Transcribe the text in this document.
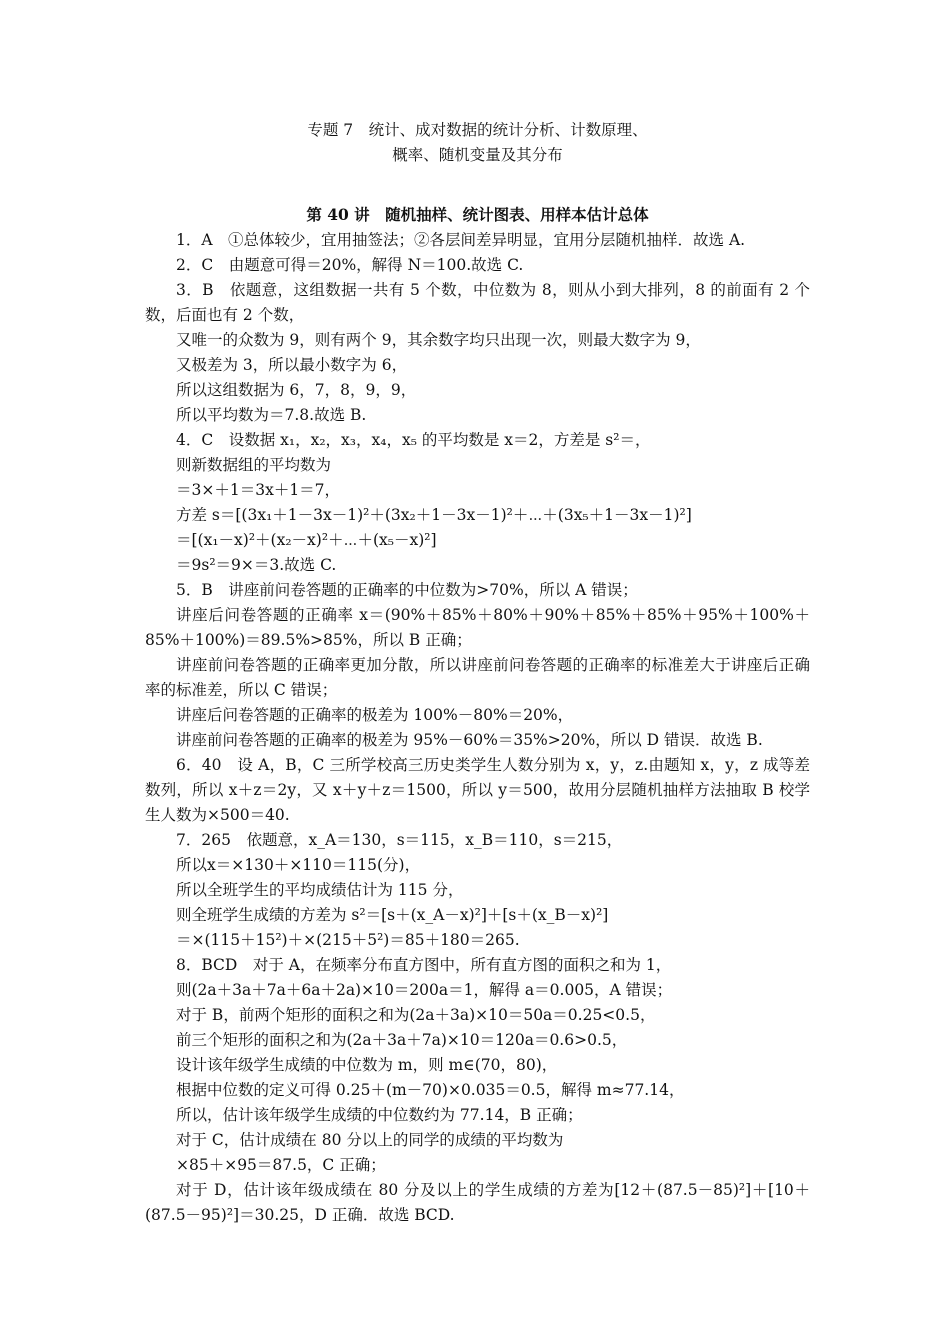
专题 7　统计、成对数据的统计分析、计数原理、
概率、随机变量及其分布

第 40 讲　随机抽样、统计图表、用样本估计总体

1．A　①总体较少，宜用抽签法；②各层间差异明显，宜用分层随机抽样．故选 A.

2．C　由题意可得＝20%，解得 N＝100.故选 C.

3．B　依题意，这组数据一共有 5 个数，中位数为 8，则从小到大排列，8 的前面有 2 个数，后面也有 2 个数，

又唯一的众数为 9，则有两个 9，其余数字均只出现一次，则最大数字为 9，

又极差为 3，所以最小数字为 6，

所以这组数据为 6，7，8，9，9，

所以平均数为＝7.8.故选 B.

4．C　设数据 x₁，x₂，x₃，x₄，x₅ 的平均数是 x＝2，方差是 s²＝，

则新数据组的平均数为

＝3×＋1＝3x＋1＝7，

方差 s＝[(3x₁＋1－3x－1)²＋(3x₂＋1－3x－1)²＋⋯＋(3x₅＋1－3x－1)²]

＝[(x₁－x)²＋(x₂－x)²＋⋯＋(x₅－x)²]

＝9s²＝9×＝3.故选 C.

5．B　讲座前问卷答题的正确率的中位数为>70%，所以 A 错误；

讲座后问卷答题的正确率 x＝(90%＋85%＋80%＋90%＋85%＋85%＋95%＋100%＋85%＋100%)＝89.5%>85%，所以 B 正确；

讲座前问卷答题的正确率更加分散，所以讲座前问卷答题的正确率的标准差大于讲座后正确率的标准差，所以 C 错误；

讲座后问卷答题的正确率的极差为 100%－80%＝20%，

讲座前问卷答题的正确率的极差为 95%－60%＝35%>20%，所以 D 错误．故选 B.

6．40　设 A，B，C 三所学校高三历史类学生人数分别为 x，y，z.由题知 x，y，z 成等差数列，所以 x＋z＝2y，又 x＋y＋z＝1500，所以 y＝500，故用分层随机抽样方法抽取 B 校学生人数为×500＝40.

7．265　依题意，x_A＝130，s＝115，x_B＝110，s＝215，

所以x＝×130＋×110＝115(分)，

所以全班学生的平均成绩估计为 115 分，

则全班学生成绩的方差为 s²＝[s＋(x_A－x)²]＋[s＋(x_B－x)²]

＝×(115＋15²)＋×(215＋5²)＝85＋180＝265.

8．BCD　对于 A，在频率分布直方图中，所有直方图的面积之和为 1，

则(2a＋3a＋7a＋6a＋2a)×10＝200a＝1，解得 a＝0.005，A 错误；

对于 B，前两个矩形的面积之和为(2a＋3a)×10＝50a＝0.25<0.5，

前三个矩形的面积之和为(2a＋3a＋7a)×10＝120a＝0.6>0.5，

设计该年级学生成绩的中位数为 m，则 m∈(70，80)，

根据中位数的定义可得 0.25＋(m－70)×0.035＝0.5，解得 m≈77.14，

所以，估计该年级学生成绩的中位数约为 77.14，B 正确；

对于 C，估计成绩在 80 分以上的同学的成绩的平均数为

×85＋×95＝87.5，C 正确；

对于 D，估计该年级成绩在 80 分及以上的学生成绩的方差为[12＋(87.5－85)²]＋[10＋(87.5－95)²]＝30.25，D 正确．故选 BCD.
